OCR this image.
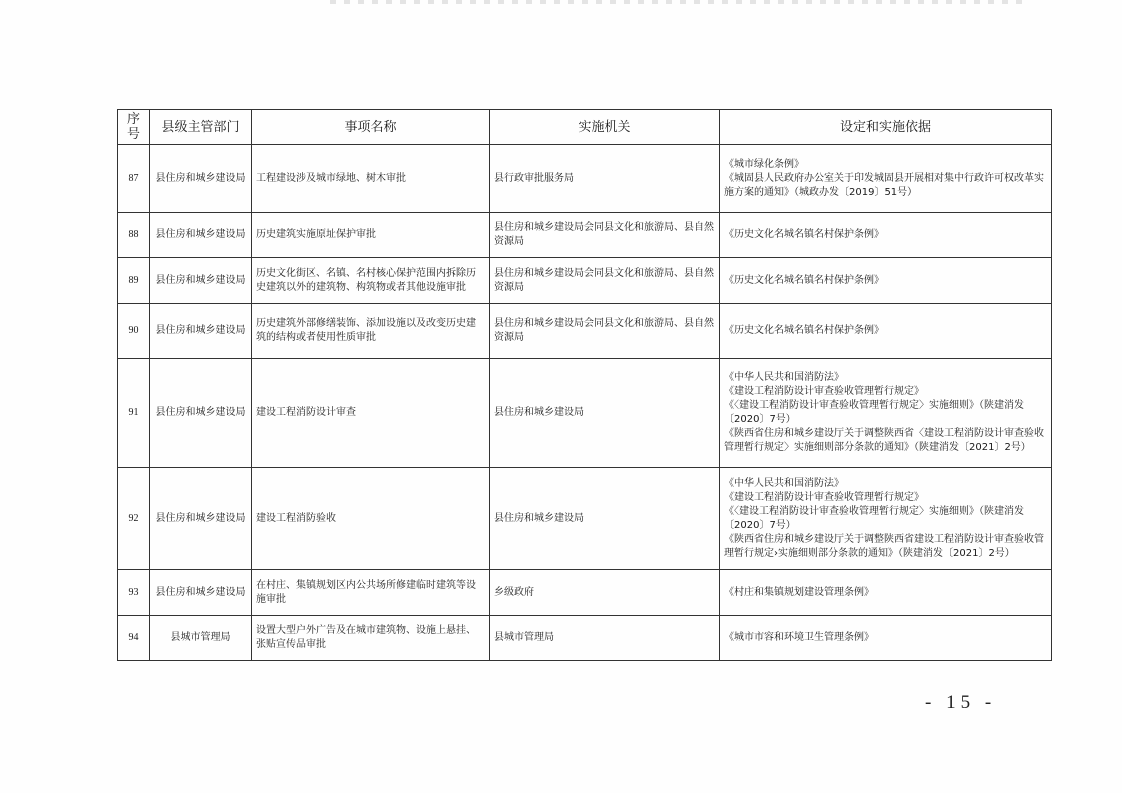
序号	县级主管部门	事项名称	实施机关	设定和实施依据
87	县住房和城乡建设局	工程建设涉及城市绿地、树木审批	县行政审批服务局	《城市绿化条例》
《城固县人民政府办公室关于印发城固县开展相对集中行政许可权改革实施方案的通知》（城政办发〔2019〕51号）
88	县住房和城乡建设局	历史建筑实施原址保护审批	县住房和城乡建设局会同县文化和旅游局、县自然资源局	《历史文化名城名镇名村保护条例》
89	县住房和城乡建设局	历史文化街区、名镇、名村核心保护范围内拆除历史建筑以外的建筑物、构筑物或者其他设施审批	县住房和城乡建设局会同县文化和旅游局、县自然资源局	《历史文化名城名镇名村保护条例》
90	县住房和城乡建设局	历史建筑外部修缮装饰、添加设施以及改变历史建筑的结构或者使用性质审批	县住房和城乡建设局会同县文化和旅游局、县自然资源局	《历史文化名城名镇名村保护条例》
91	县住房和城乡建设局	建设工程消防设计审查	县住房和城乡建设局	《中华人民共和国消防法》
《建设工程消防设计审查验收管理暂行规定》
《〈建设工程消防设计审查验收管理暂行规定〉实施细则》（陕建消发〔2020〕7号）
《陕西省住房和城乡建设厅关于调整陕西省〈建设工程消防设计审查验收管理暂行规定〉实施细则部分条款的通知》（陕建消发〔2021〕2号）
92	县住房和城乡建设局	建设工程消防验收	县住房和城乡建设局	《中华人民共和国消防法》
《建设工程消防设计审查验收管理暂行规定》
《〈建设工程消防设计审查验收管理暂行规定〉实施细则》（陕建消发〔2020〕7号）
《陕西省住房和城乡建设厅关于调整陕西省建设工程消防设计审查验收管理暂行规定›实施细则部分条款的通知》（陕建消发〔2021〕2号）
93	县住房和城乡建设局	在村庄、集镇规划区内公共场所修建临时建筑等设施审批	乡级政府	《村庄和集镇规划建设管理条例》
94	县城市管理局	设置大型户外广告及在城市建筑物、设施上悬挂、张贴宣传品审批	县城市管理局	《城市市容和环境卫生管理条例》
- 15 -
